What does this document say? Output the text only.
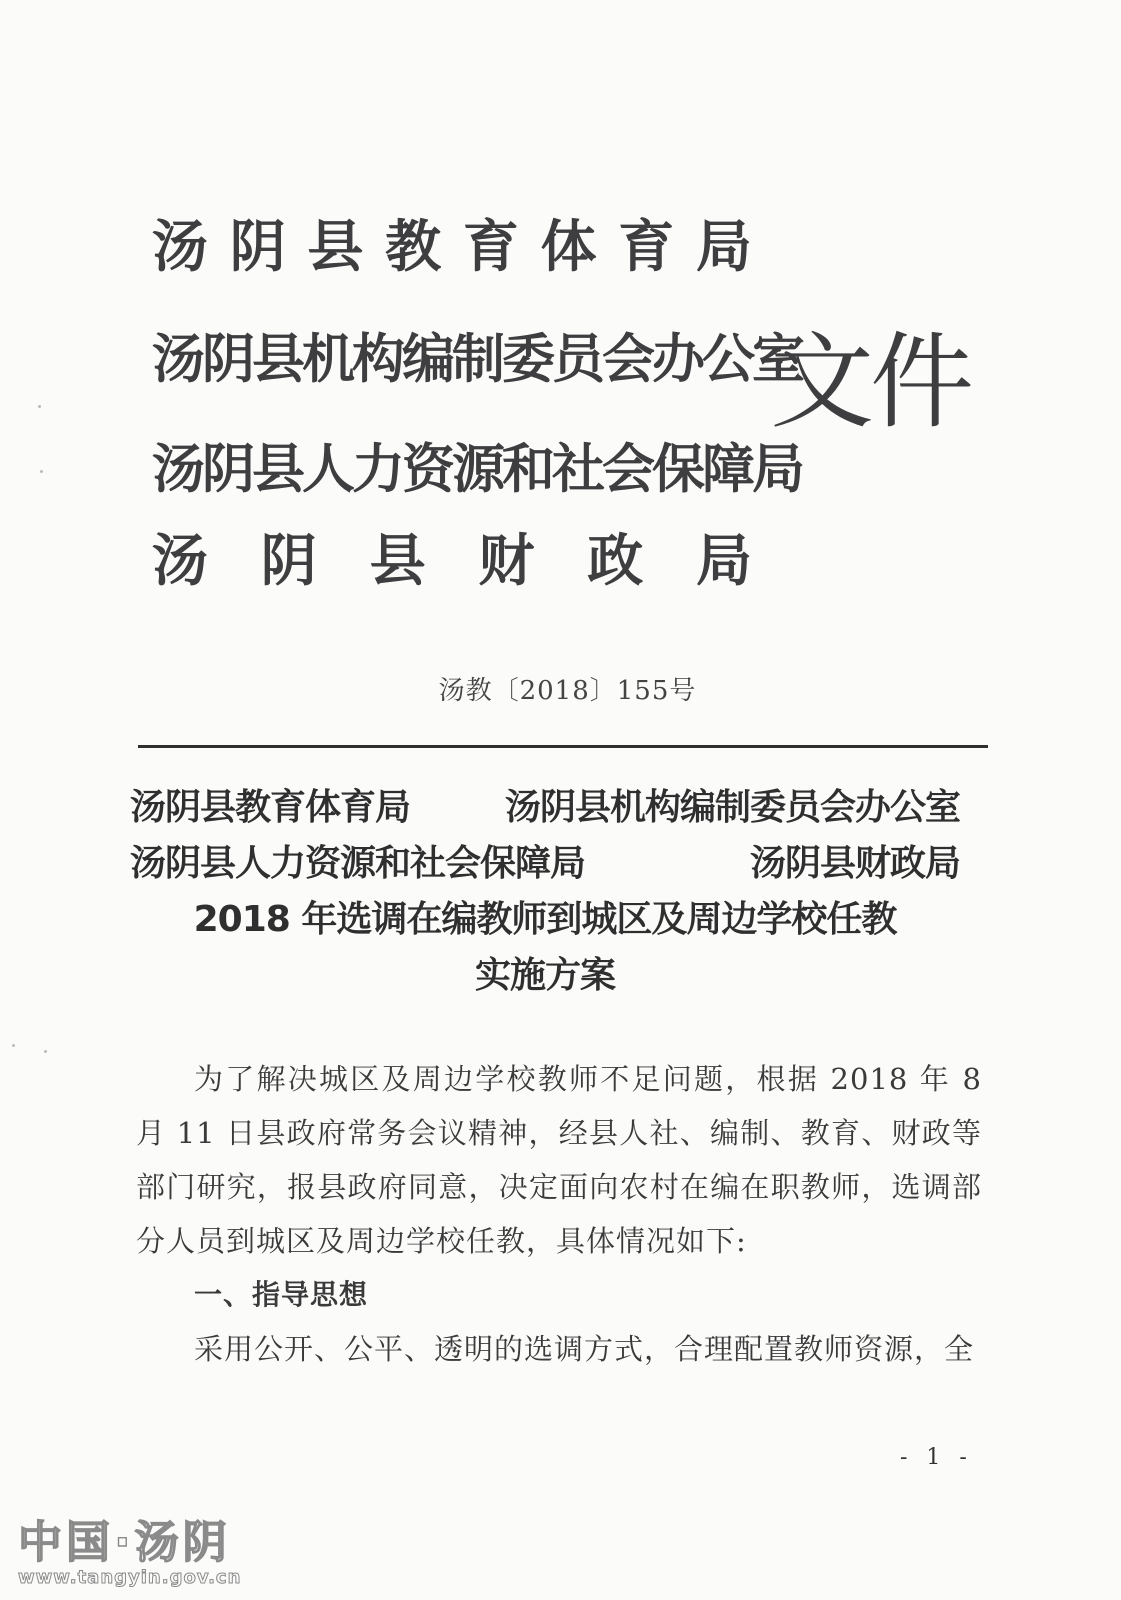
汤 阴 县 教 育 体 育 局
汤阴县机构编制委员会办公室
汤阴县人力资源和社会保障局
汤 阴 县 财 政 局
文件
汤教〔2018〕155号
汤阴县教育体育局	汤阴县机构编制委员会办公室
汤阴县人力资源和社会保障局	汤阴县财政局
2018 年选调在编教师到城区及周边学校任教
实施方案

为了解决城区及周边学校教师不足问题，根据 2018 年 8 月 11 日县政府常务会议精神，经县人社、编制、教育、财政等部门研究，报县政府同意，决定面向农村在编在职教师，选调部分人员到城区及周边学校任教，具体情况如下:

一、指导思想

采用公开、公平、透明的选调方式，合理配置教师资源，全

- 1 -
中国·汤阴
www.tangyin.gov.cn
